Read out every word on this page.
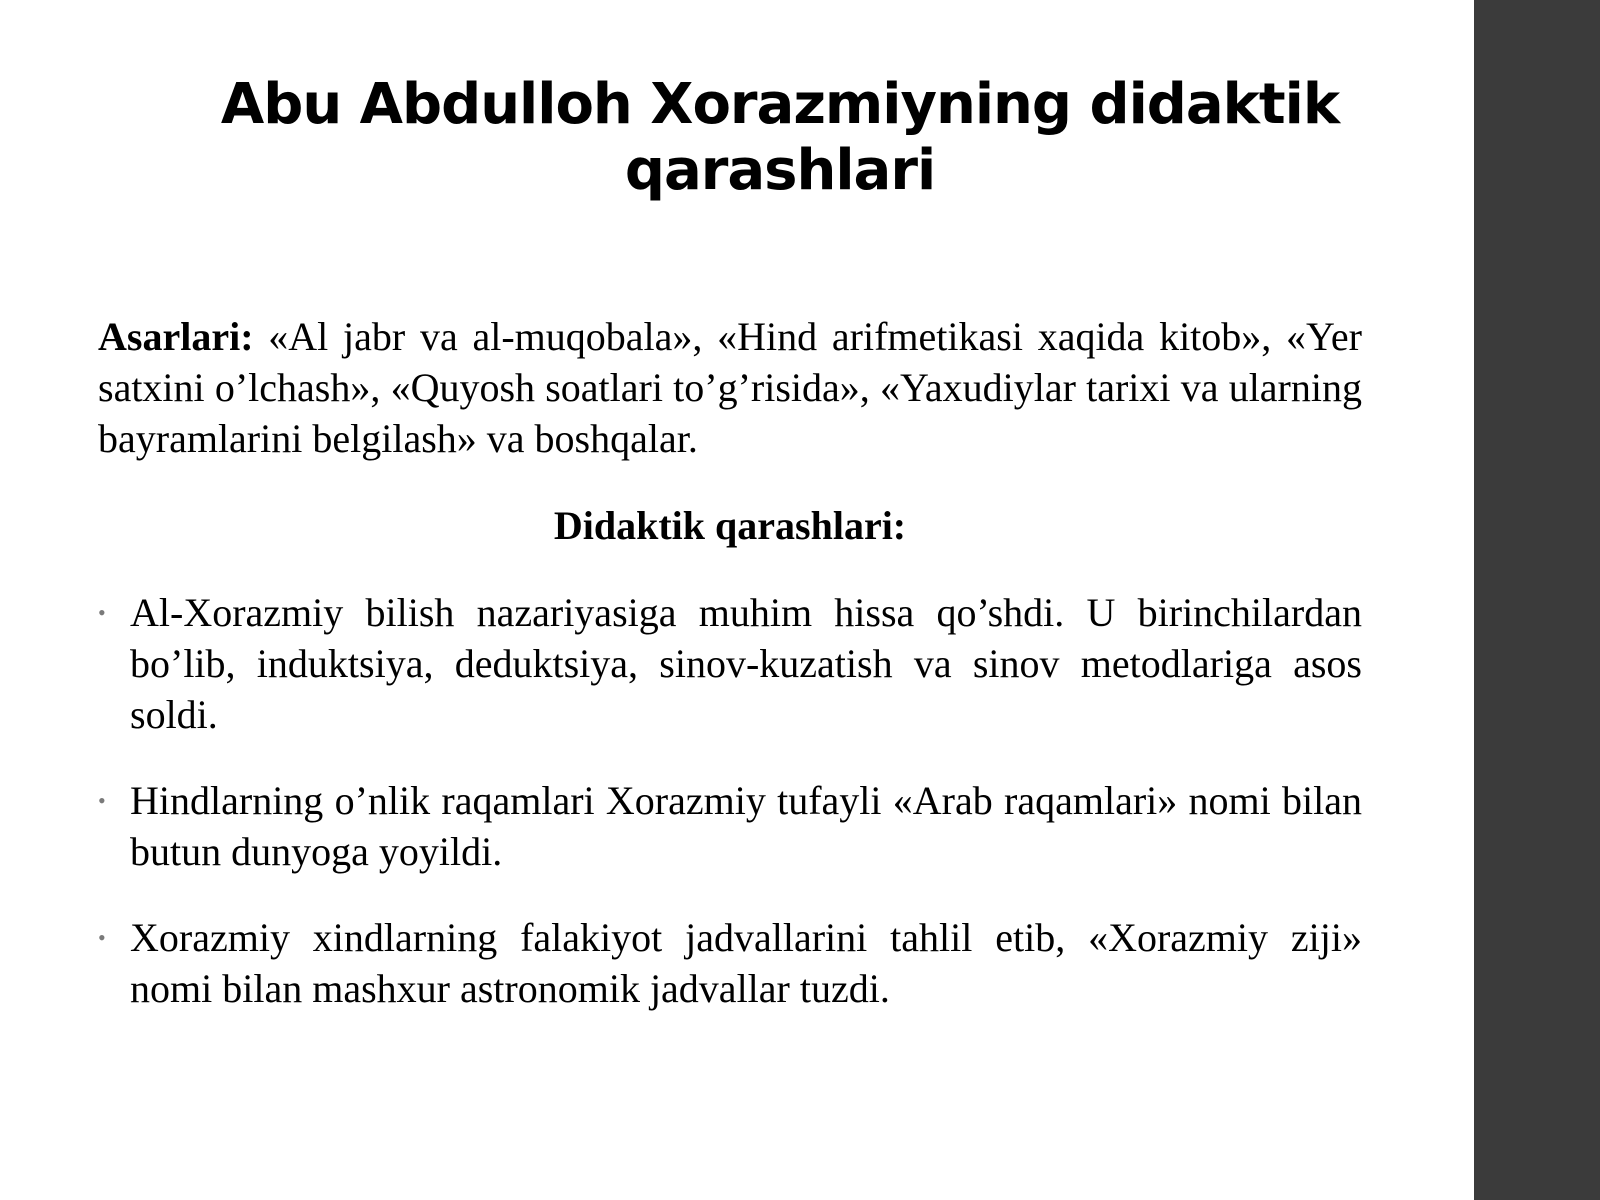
Abu Abdulloh Xorazmiyning didaktik
qarashlari

Asarlari: «Al jabr va al-muqobala», «Hind arifmetikasi xaqida kitob», «Yer satxini o’lchash», «Quyosh soatlari to’g’risida», «Yaxudiylar tarixi va ularning bayramlarini belgilash» va boshqalar.

Didaktik qarashlari:

• Al-Xorazmiy bilish nazariyasiga muhim hissa qo’shdi. U birinchilardan bo’lib, induktsiya, deduktsiya, sinov-kuzatish va sinov metodlariga asos soldi.
• Hindlarning o’nlik raqamlari Xorazmiy tufayli «Arab raqamlari» nomi bilan butun dunyoga yoyildi.
• Xorazmiy xindlarning falakiyot jadvallarini tahlil etib, «Xorazmiy ziji» nomi bilan mashxur astronomik jadvallar tuzdi.
